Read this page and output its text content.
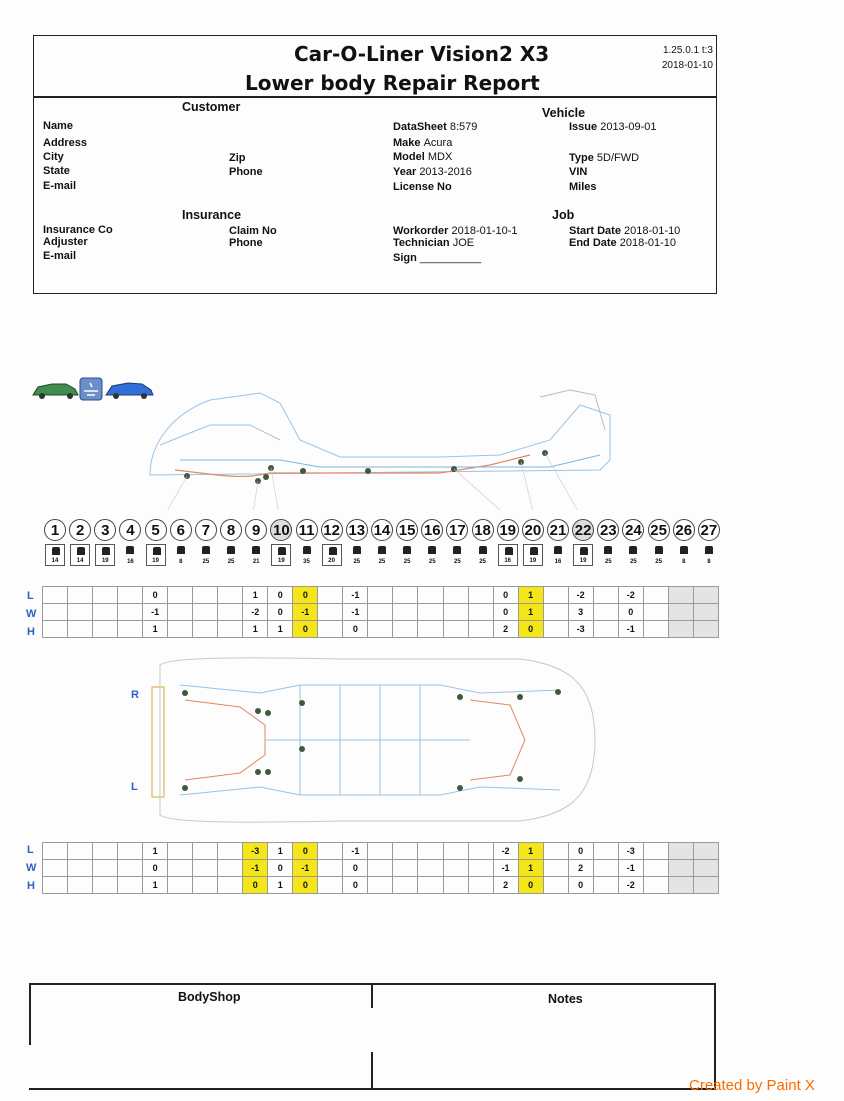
Car-O-Liner Vision2 X3
Lower body Repair Report
1.25.0.1 t:3
2018-01-10
Customer
Name
Address
City
State
E-mail
Zip
Phone
Insurance
Insurance Co
Adjuster
E-mail
Claim No
Phone
Vehicle
DataSheet 8:579
Make Acura
Model MDX
Year 2013-2016
License No
Issue 2013-09-01
Type 5D/FWD
VIN
Miles
Job
Workorder 2018-01-10-1
Technician JOE
Sign __________
Start Date 2018-01-10
End Date 2018-01-10
1	2	3	4	5	6	7	8	9 10 11 12 13 14 15 16 17 18 19 20 21 22 23 24 25 26 27
14	14	19	16	19	8	25	25	21	19	35	20	25	25	25	25	25	25	16	19	16	19	25	25	25	8	8
L
W
H
				0				1	0	0		-1						0	1		-2		-2			
				-1				-2	0	-1		-1						0	1		3		0			
				1				1	1	0		0						2	0		-3		-1			
R
L
L
W
H
				1				-3	1	0		-1						-2	1		0		-3			
				0				-1	0	-1		0						-1	1		2		-1			
				1				0	1	0		0						2	0		0		-2			
BodyShop	Notes
Created by Paint X
